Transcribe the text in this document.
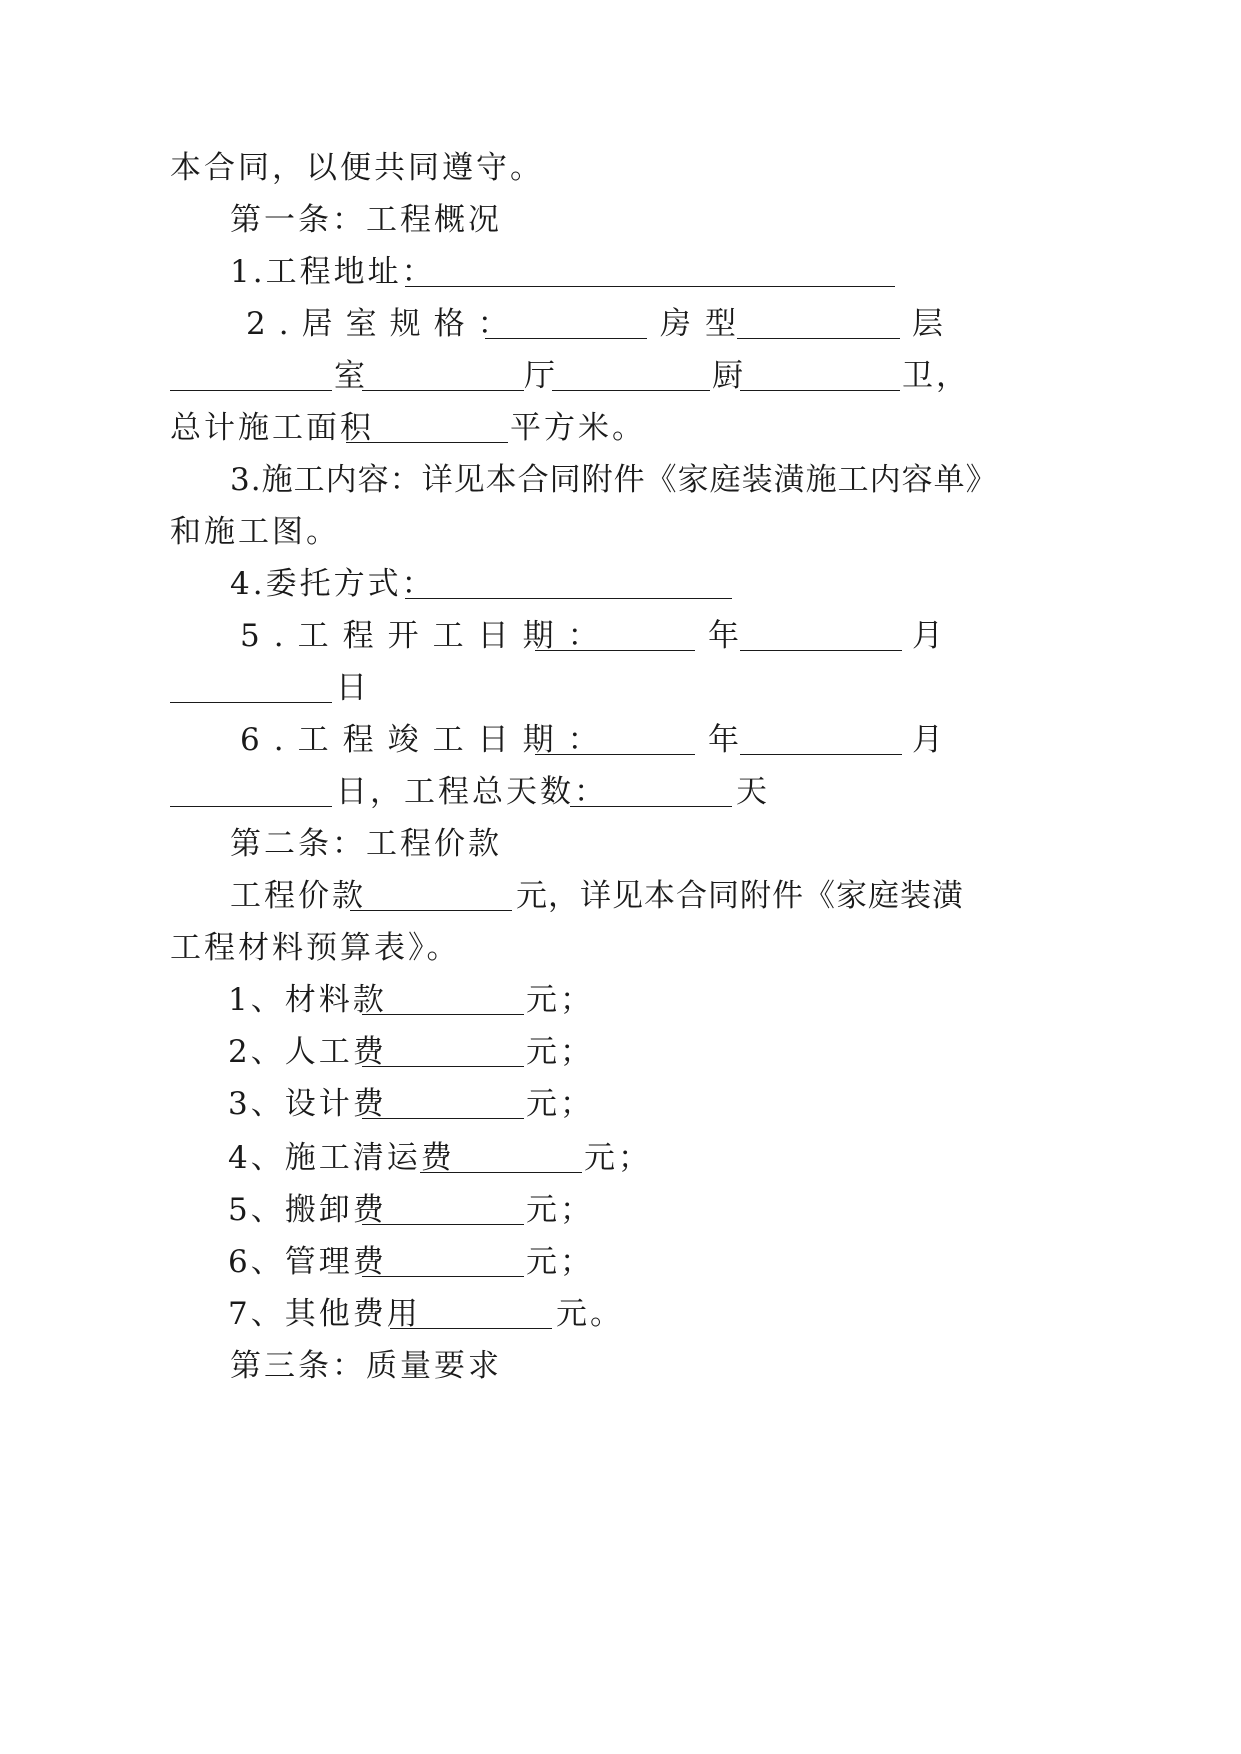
本合同，以便共同遵守。
第一条：工程概况
1.工程地址：
2.居室规格：	房型	层
室	厅	厨	卫，
总计施工面积	平方米。
3.施工内容：详见本合同附件《家庭装潢施工内容单》
和施工图。
4.委托方式：
5.工程开工日期：	年	月
日
6.工程竣工日期：	年	月
日，工程总天数：	天
第二条：工程价款
工程价款	元，详见本合同附件《家庭装潢
工程材料预算表》。
1、材料款	元；
2、人工费	元；
3、设计费	元；
4、施工清运费	元；
5、搬卸费	元；
6、管理费	元；
7、其他费用	元。
第三条：质量要求
